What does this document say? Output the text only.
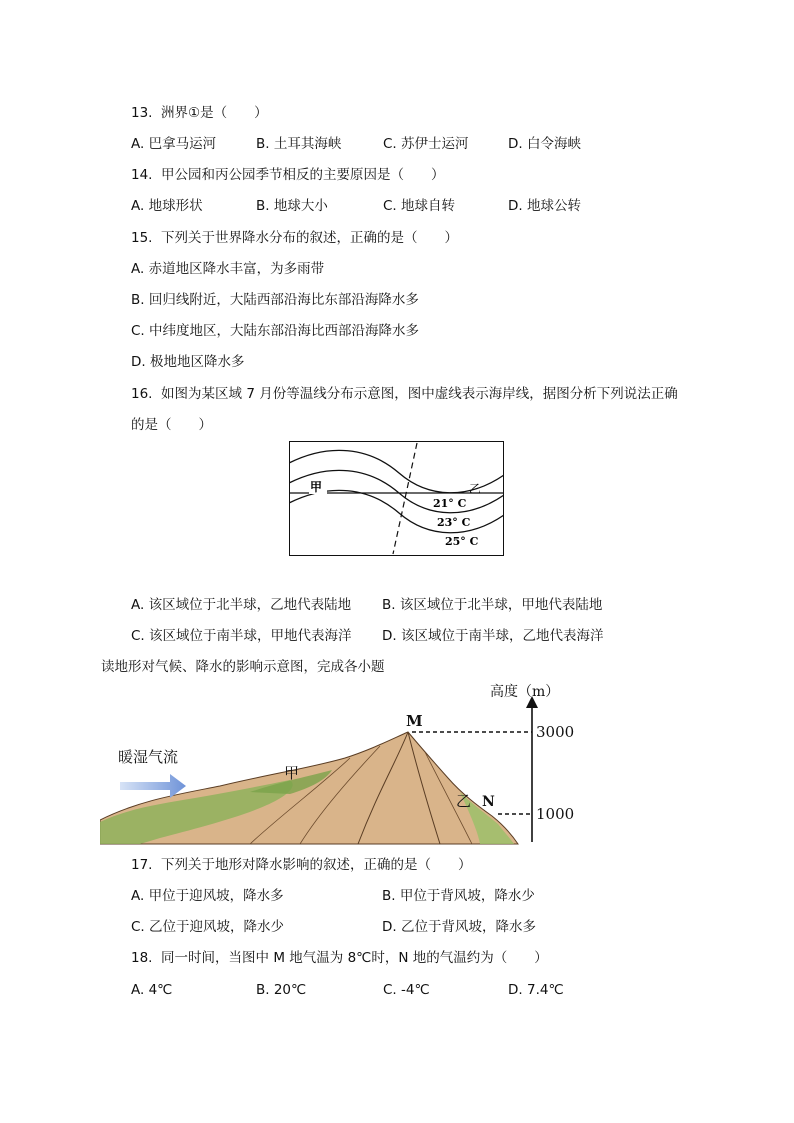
13.  洲界①是（　　）
A. 巴拿马运河	B. 土耳其海峡	C. 苏伊士运河	D. 白令海峡
14.  甲公园和丙公园季节相反的主要原因是（　　）
A. 地球形状	B. 地球大小	C. 地球自转	D. 地球公转
15.  下列关于世界降水分布的叙述，正确的是（　　）
A. 赤道地区降水丰富，为多雨带
B. 回归线附近，大陆西部沿海比东部沿海降水多
C. 中纬度地区，大陆东部沿海比西部沿海降水多
D. 极地地区降水多
16.  如图为某区域 7 月份等温线分布示意图，图中虚线表示海岸线，据图分析下列说法正确
的是（　　）
甲	乙
21° C
23° C
25° C
A. 该区域位于北半球，乙地代表陆地 B. 该区域位于北半球，甲地代表陆地
C. 该区域位于南半球，甲地代表海洋 D. 该区域位于南半球，乙地代表海洋
读地形对气候、降水的影响示意图，完成各小题
暖湿气流
甲
乙
M
N
高度（m）
3000
1000
17.  下列关于地形对降水影响的叙述，正确的是（　　）
A. 甲位于迎风坡，降水多	B. 甲位于背风坡，降水少
C. 乙位于迎风坡，降水少	D. 乙位于背风坡，降水多
18.  同一时间，当图中 M 地气温为 8℃时，N 地的气温约为（　　）
A. 4℃	B. 20℃	C. -4℃	D. 7.4℃
